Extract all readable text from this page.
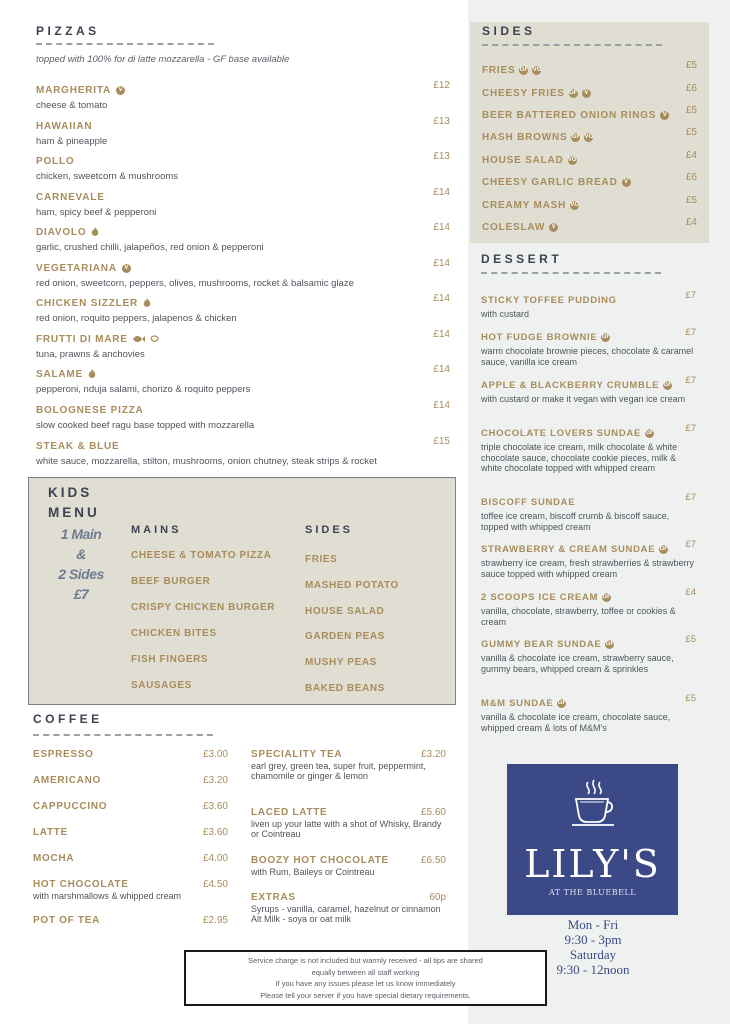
PIZZAS
topped with 100% for di latte mozzarella - GF base available
MARGHERITA	V	£12
cheese & tomato
HAWAIIAN	£13
ham & pineapple
POLLO	£13
chicken, sweetcorn & mushrooms
CARNEVALE	£14
ham, spicy beef & pepperoni
DIAVOLO	£14
garlic, crushed chilli, jalapeños, red onion & pepperoni
VEGETARIANA	V	£14
red onion, sweetcorn, peppers, olives, mushrooms, rocket & balsamic glaze
CHICKEN SIZZLER	£14
red onion, roquito peppers, jalapenos & chicken
FRUTTI DI MARE	£14
tuna, prawns & anchovies
SALAME	£14
pepperoni, nduja salami, chorizo & roquito peppers
BOLOGNESE PIZZA	£14
slow cooked beef ragu base topped with mozzarella
STEAK & BLUE	£15
white sauce, mozzarella, stilton, mushrooms, onion chutney, steak strips & rocket
SIDES
FRIES GF VG	£5
CHEESY FRIES GF	V	£6
BEER BATTERED ONION RINGS	V £5
HASH BROWNS GF VG	£5
HOUSE SALAD VG	£4
CHEESY GARLIC BREAD	V	£6
CREAMY MASH VG	£5
COLESLAW	V	£4
DESSERT
STICKY TOFFEE PUDDING	£7
with custard
HOT FUDGE BROWNIE GF	£7
warm chocolate brownie pieces, chocolate & caramel sauce, vanilla ice cream
APPLE & BLACKBERRY CRUMBLE GF £7
with custard or make it vegan with vegan ice cream
CHOCOLATE LOVERS SUNDAE GF	£7
triple chocolate ice cream, milk chocolate & white chocolate sauce, chocolate cookie pieces, milk & white chocolate topped with whipped cream
BISCOFF SUNDAE	£7
toffee ice cream, biscoff crumb & biscoff sauce, topped with whipped cream
STRAWBERRY & CREAM SUNDAE GF £7
strawberry ice cream, fresh strawberries & strawberry sauce topped with whipped cream
2 SCOOPS ICE CREAM GF	£4
vanilla, chocolate, strawberry, toffee or cookies & cream
GUMMY BEAR SUNDAE GF	£5
vanilla & chocolate ice cream, strawberry sauce, gummy bears, whipped cream & sprinkles
M&M SUNDAE GF	£5
vanilla & chocolate ice cream, chocolate sauce, whipped cream & lots of M&M's
KIDS
MENU
1 Main
&
2 Sides
£7
MAINS	SIDES
CHEESE & TOMATO PIZZA
BEEF BURGER
CRISPY CHICKEN BURGER
CHICKEN BITES
FISH FINGERS
SAUSAGES
FRIES
MASHED POTATO
HOUSE SALAD
GARDEN PEAS
MUSHY PEAS
BAKED BEANS
COFFEE
ESPRESSO	£3.00
AMERICANO	£3.20
CAPPUCCINO	£3.60
LATTE	£3.60
MOCHA	£4.00
HOT CHOCOLATE	£4.50
with marshmallows & whipped cream
POT OF TEA	£2.95
SPECIALITY TEA	£3.20
earl grey, green tea, super fruit, peppermint, chamomile or ginger & lemon
LACED LATTE	£5.60
liven up your latte with a shot of Whisky, Brandy or Cointreau
BOOZY HOT CHOCOLATE	£6.50
with Rum, Baileys or Cointreau
EXTRAS	60p
Syrups - vanilla, caramel, hazelnut or cinnamon
Alt Milk - soya or oat milk
Service charge is not included but warmly received - all tips are shared
equally between all staff working
If you have any issues please let us know immediately
Please tell your server if you have special dietary requirements.
LILY'S
AT THE BLUEBELL
Mon - Fri
9:30 - 3pm
Saturday
9:30 - 12noon
